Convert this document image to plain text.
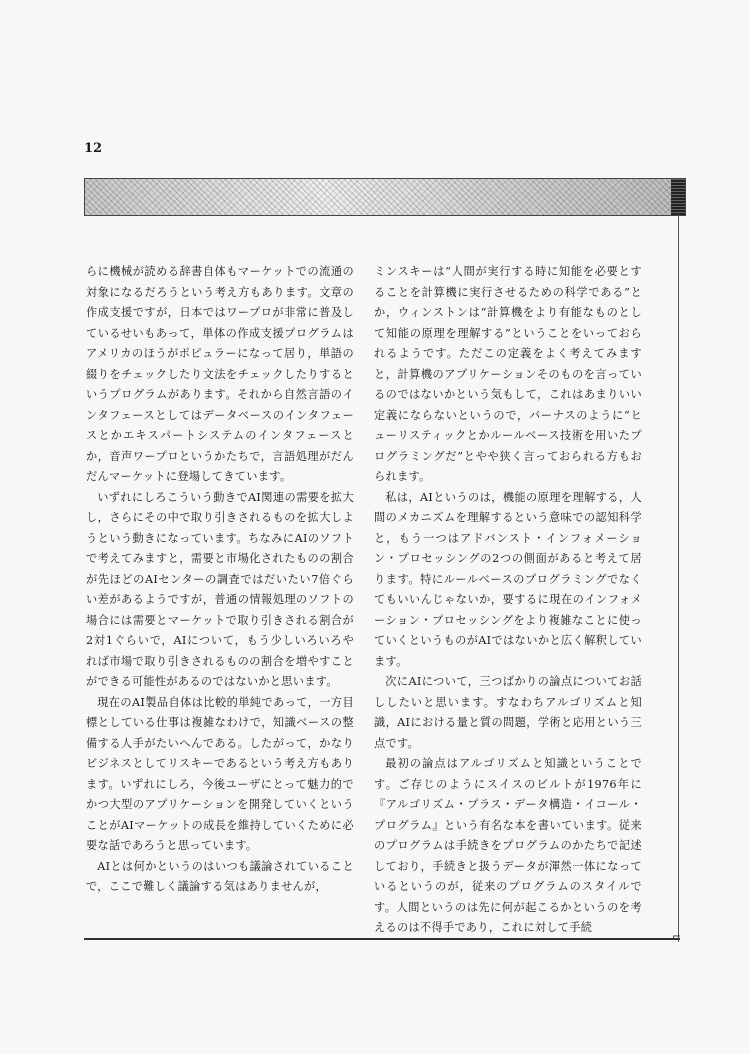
12

らに機械が読める辞書自体もマーケットでの流通の対象になるだろうという考え方もあります。文章の作成支援ですが，日本ではワープロが非常に普及しているせいもあって，単体の作成支援プログラムはアメリカのほうがポピュラーになって居り，単語の綴りをチェックしたり文法をチェックしたりするというプログラムがあります。それから自然言語のインタフェースとしてはデータベースのインタフェースとかエキスパートシステムのインタフェースとか，音声ワープロというかたちで，言語処理がだんだんマーケットに登場してきています。

いずれにしろこういう動きでAI関連の需要を拡大し，さらにその中で取り引きされるものを拡大しようという動きになっています。ちなみにAIのソフトで考えてみますと，需要と市場化されたものの割合が先ほどのAIセンターの調査ではだいたい7倍ぐらい差があるようですが，普通の情報処理のソフトの場合には需要とマーケットで取り引きされる割合が2対1ぐらいで，AIについて，もう少しいろいろやれば市場で取り引きされるものの割合を増やすことができる可能性があるのではないかと思います。

現在のAI製品自体は比較的単純であって，一方目標としている仕事は複雑なわけで，知識ベースの整備する人手がたいへんである。したがって，かなりビジネスとしてリスキーであるという考え方もあります。いずれにしろ，今後ユーザにとって魅力的でかつ大型のアプリケーションを開発していくということがAIマーケットの成長を維持していくために必要な話であろうと思っています。

AIとは何かというのはいつも議論されていることで，ここで難しく議論する気はありませんが，

ミンスキーは“人間が実行する時に知能を必要とすることを計算機に実行させるための科学である”とか，ウィンストンは“計算機をより有能なものとして知能の原理を理解する”ということをいっておられるようです。ただこの定義をよく考えてみますと，計算機のアプリケーションそのものを言っているのではないかという気もして，これはあまりいい定義にならないというので，バーナスのように“ヒューリスティックとかルールベース技術を用いたプログラミングだ”とやや狭く言っておられる方もおられます。

私は，AIというのは，機能の原理を理解する，人間のメカニズムを理解するという意味での認知科学と，もう一つはアドバンスト・インフォメーション・プロセッシングの2つの側面があると考えて居ります。特にルールベースのプログラミングでなくてもいいんじゃないか，要するに現在のインフォメーション・プロセッシングをより複雑なことに使っていくというものがAIではないかと広く解釈しています。

次にAIについて，三つばかりの論点についてお話ししたいと思います。すなわちアルゴリズムと知識，AIにおける量と質の問題，学術と応用という三点です。

最初の論点はアルゴリズムと知識ということです。ご存じのようにスイスのビルトが1976年に『アルゴリズム・プラス・データ構造・イコール・プログラム』という有名な本を書いています。従来のプログラムは手続きをプログラムのかたちで記述しており，手続きと扱うデータが渾然一体になっているというのが，従来のプログラムのスタイルです。人間というのは先に何が起こるかというのを考えるのは不得手であり，これに対して手続

⌐
